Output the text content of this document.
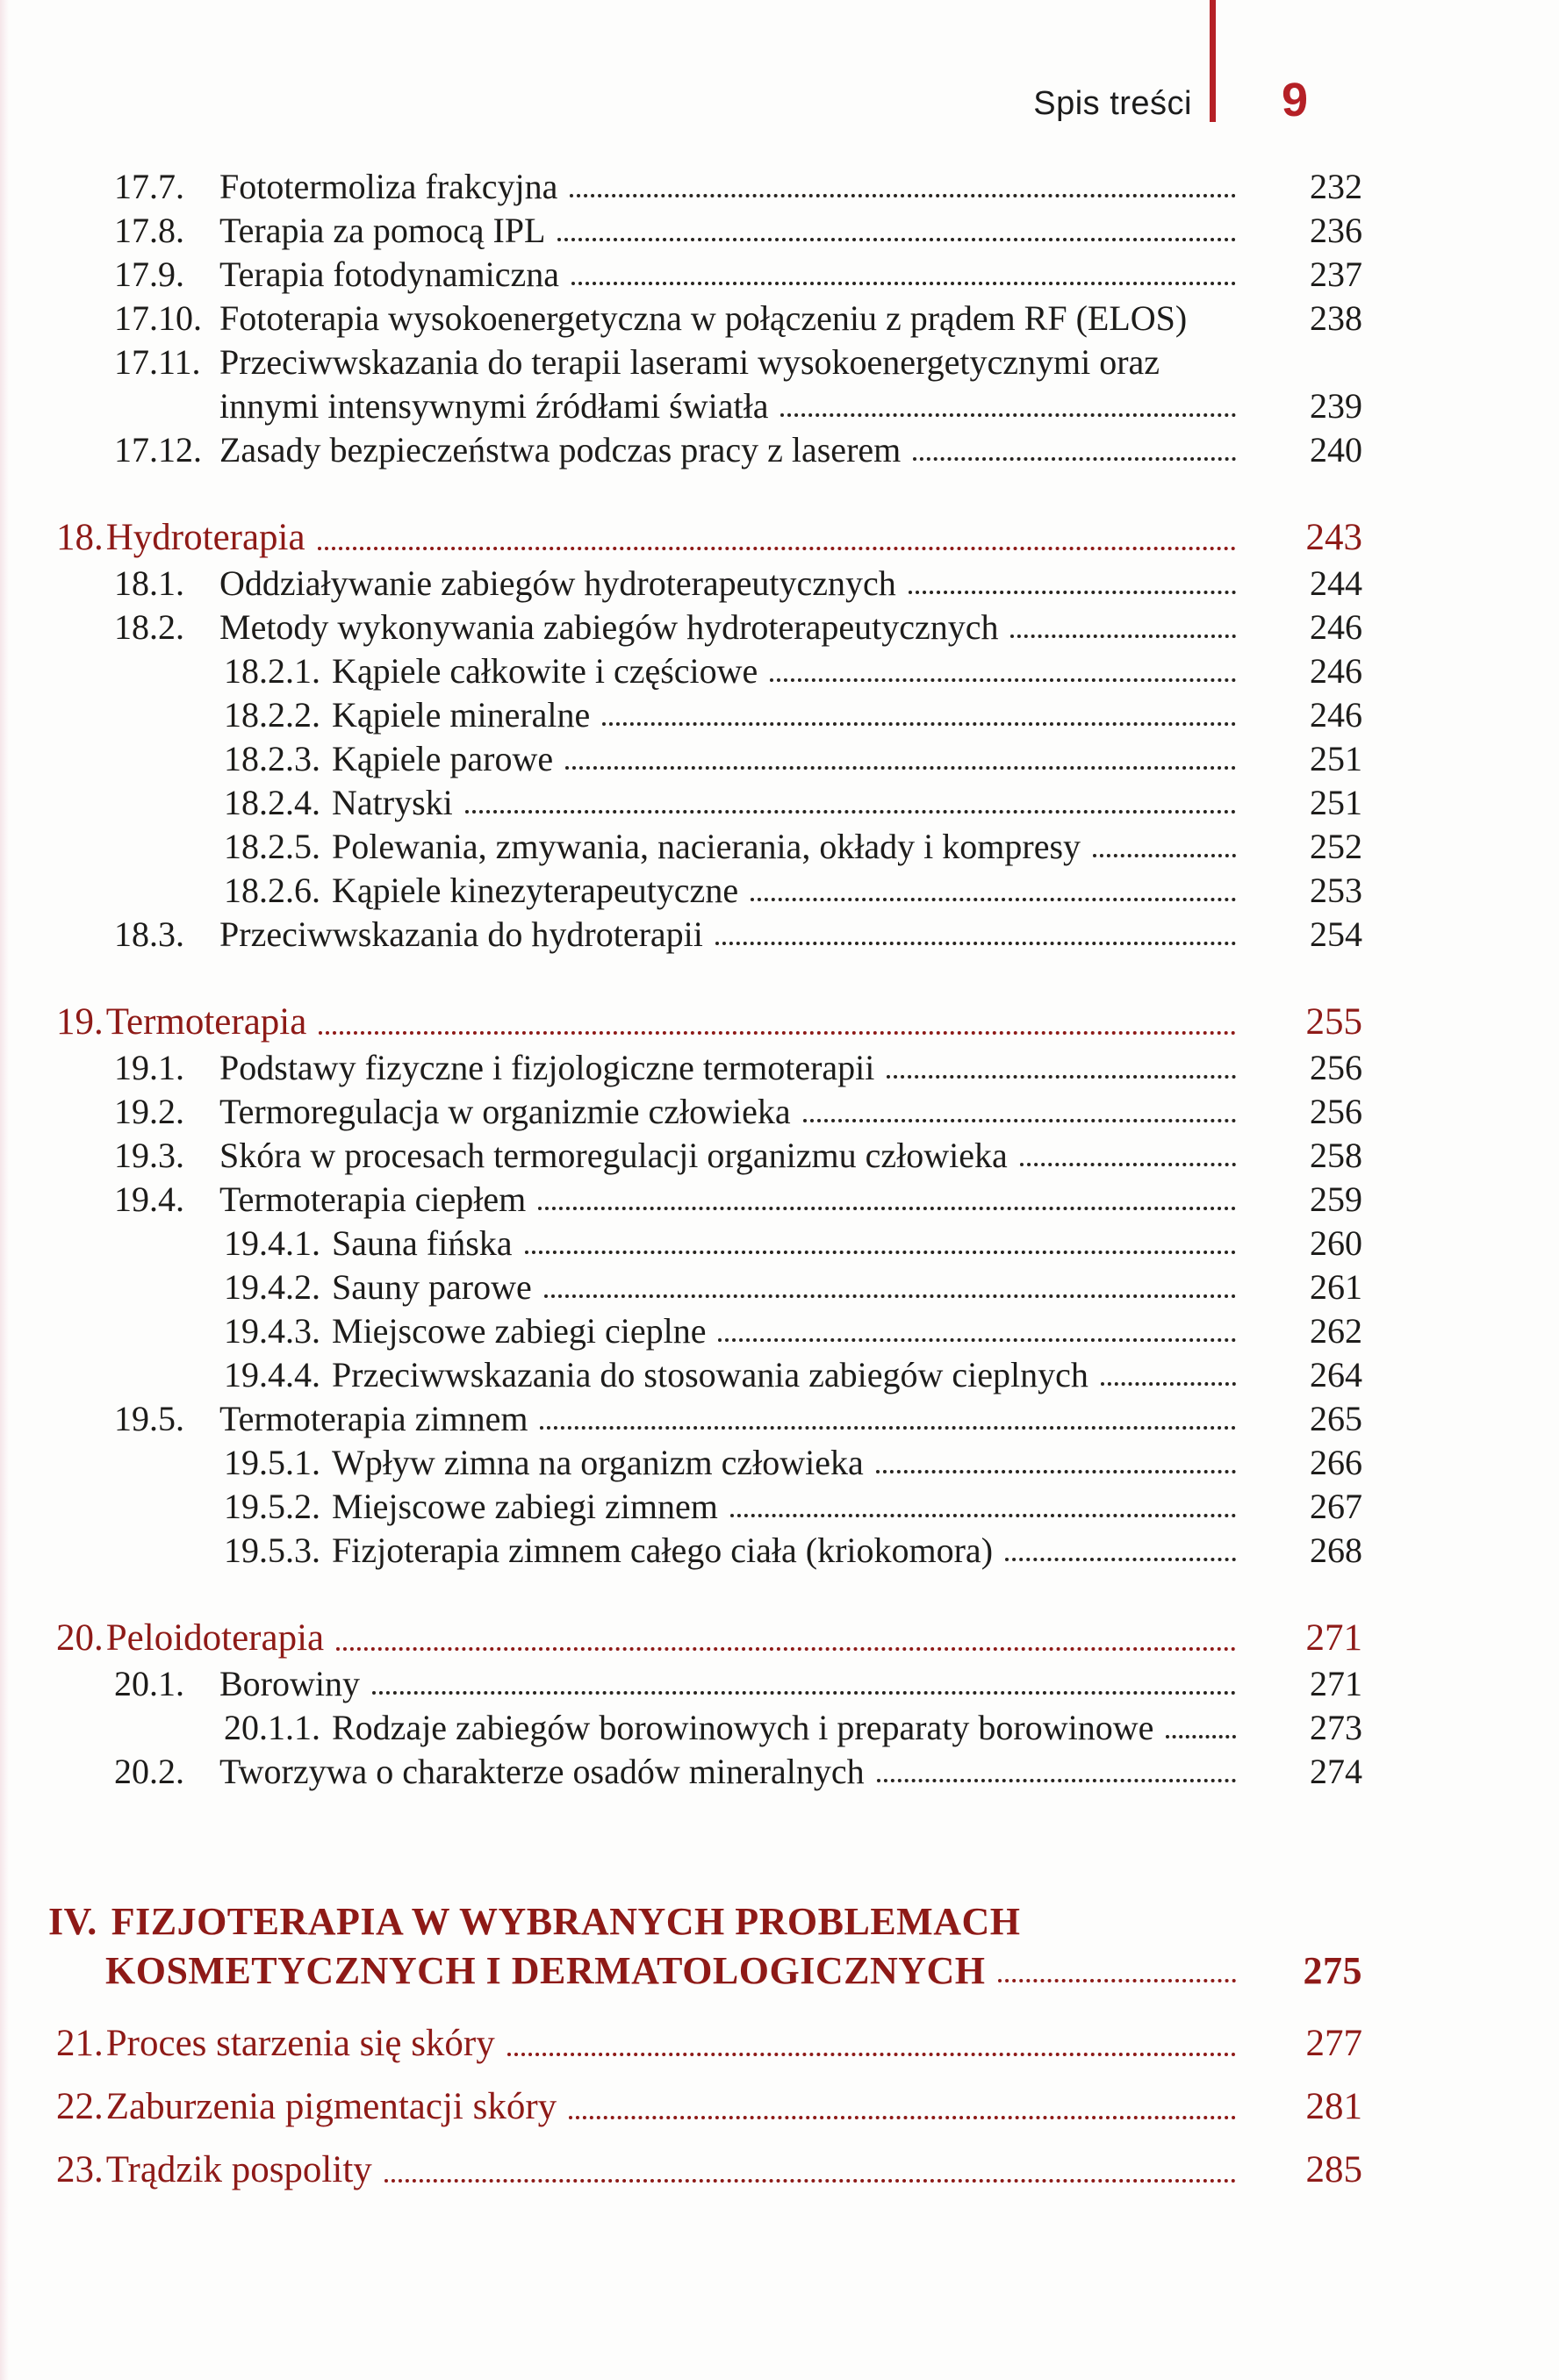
Spis treści 9
17.7.	Fototermoliza frakcyjna	232
17.8.	Terapia za pomocą IPL	236
17.9.	Terapia fotodynamiczna	237
17.10. Fototerapia wysokoenergetyczna w połączeniu z prądem RF (ELOS)	238
17.11. Przeciwwskazania do terapii laserami wysokoenergetycznymi oraz
innymi intensywnymi źródłami światła	239
17.12. Zasady bezpieczeństwa podczas pracy z laserem	240
18. Hydroterapia	243
18.1.	Oddziaływanie zabiegów hydroterapeutycznych	244
18.2.	Metody wykonywania zabiegów hydroterapeutycznych	246
18.2.1. Kąpiele całkowite i częściowe	246
18.2.2. Kąpiele mineralne	246
18.2.3. Kąpiele parowe	251
18.2.4. Natryski	251
18.2.5. Polewania, zmywania, nacierania, okłady i kompresy	252
18.2.6. Kąpiele kinezyterapeutyczne	253
18.3.	Przeciwwskazania do hydroterapii	254
19. Termoterapia	255
19.1.	Podstawy fizyczne i fizjologiczne termoterapii	256
19.2.	Termoregulacja w organizmie człowieka	256
19.3.	Skóra w procesach termoregulacji organizmu człowieka	258
19.4.	Termoterapia ciepłem	259
19.4.1. Sauna fińska	260
19.4.2. Sauny parowe	261
19.4.3. Miejscowe zabiegi cieplne	262
19.4.4. Przeciwwskazania do stosowania zabiegów cieplnych	264
19.5.	Termoterapia zimnem	265
19.5.1. Wpływ zimna na organizm człowieka	266
19.5.2. Miejscowe zabiegi zimnem	267
19.5.3. Fizjoterapia zimnem całego ciała (kriokomora)	268
20. Peloidoterapia	271
20.1.	Borowiny	271
20.1.1. Rodzaje zabiegów borowinowych i preparaty borowinowe	273
20.2.	Tworzywa o charakterze osadów mineralnych	274
IV. FIZJOTERAPIA W WYBRANYCH PROBLEMACH
KOSMETYCZNYCH I DERMATOLOGICZNYCH	275
21. Proces starzenia się skóry	277
22. Zaburzenia pigmentacji skóry	281
23. Trądzik pospolity	285
